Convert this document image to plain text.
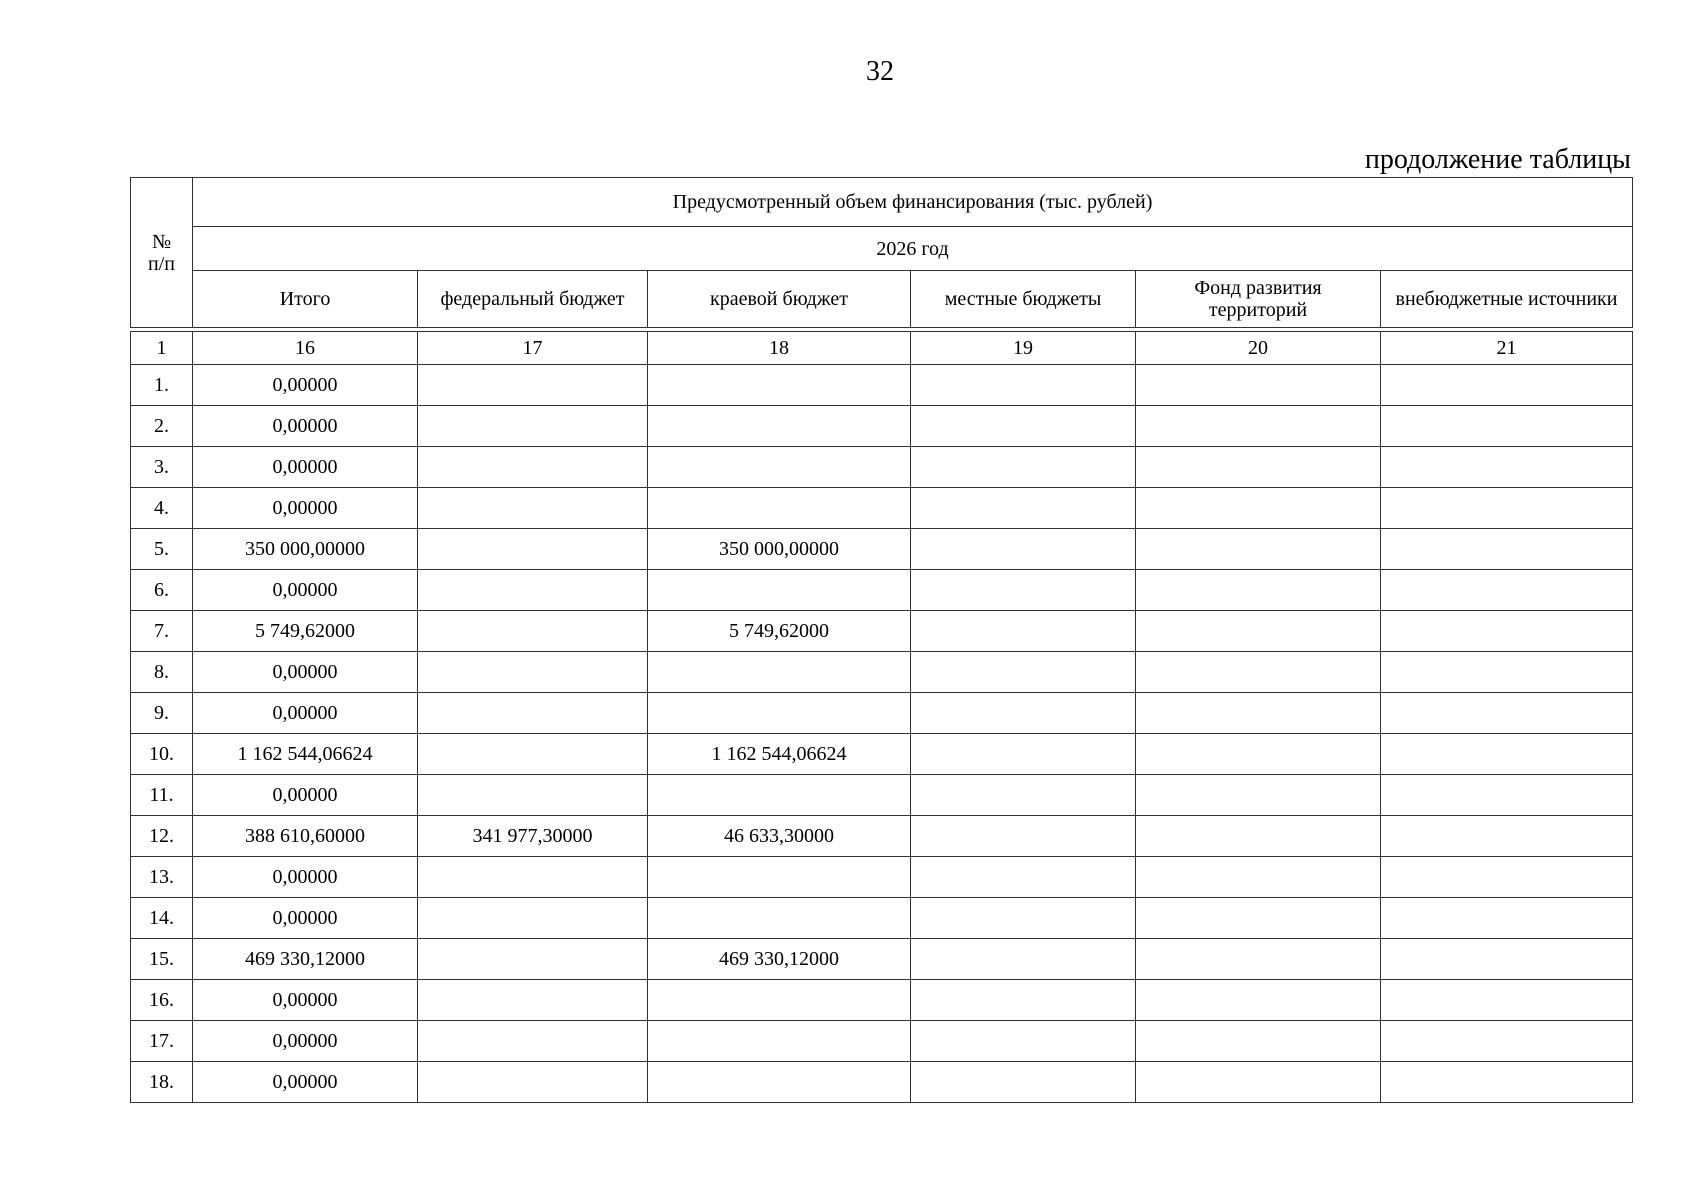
32
продолжение таблицы
№
п/п	Предусмотренный объем финансирования (тыс. рублей)					
	2026 год					
	Итого	федеральный бюджет	краевой бюджет	местные бюджеты	Фонд развития территорий	внебюджетные источники
1	16	17	18	19	20	21
1.	0,00000					
2.	0,00000					
3.	0,00000					
4.	0,00000					
5.	350 000,00000		350 000,00000			
6.	0,00000					
7.	5 749,62000		5 749,62000			
8.	0,00000					
9.	0,00000					
10.	1 162 544,06624		1 162 544,06624			
11.	0,00000					
12.	388 610,60000	341 977,30000	46 633,30000			
13.	0,00000					
14.	0,00000					
15.	469 330,12000		469 330,12000			
16.	0,00000					
17.	0,00000					
18.	0,00000					
